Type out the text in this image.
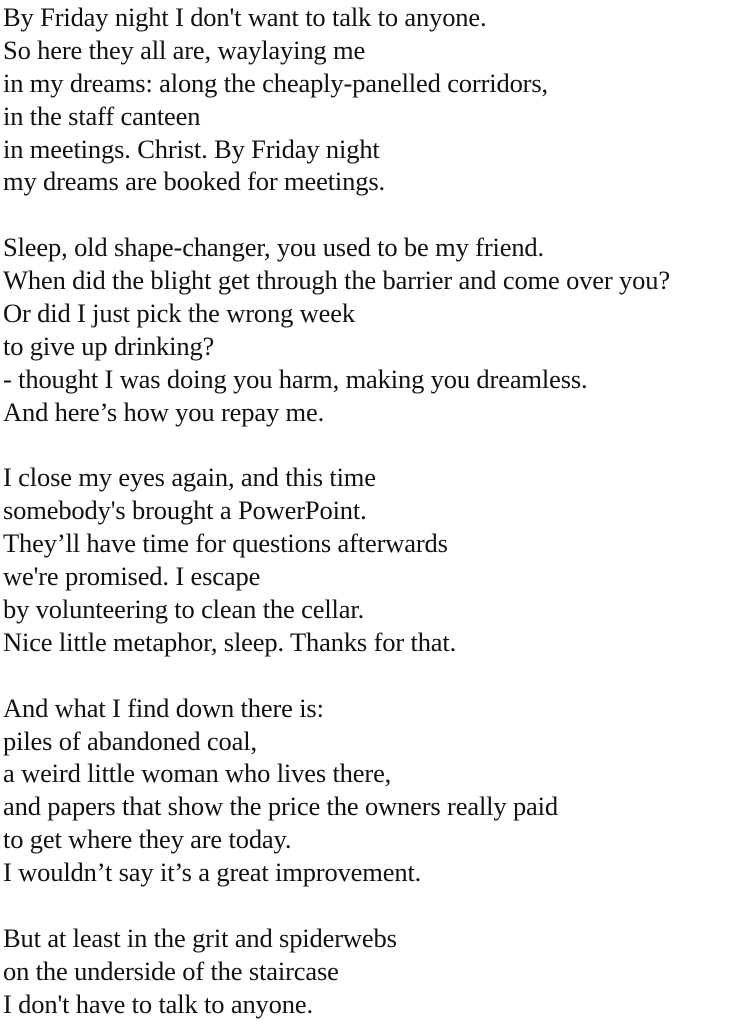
By Friday night I don't want to talk to anyone.
So here they all are, waylaying me
in my dreams: along the cheaply-panelled corridors,
in the staff canteen
in meetings. Christ. By Friday night
my dreams are booked for meetings.
Sleep, old shape-changer, you used to be my friend.
When did the blight get through the barrier and come over you?
Or did I just pick the wrong week
to give up drinking?
- thought I was doing you harm, making you dreamless.
And here’s how you repay me.
I close my eyes again, and this time
somebody's brought a PowerPoint.
They’ll have time for questions afterwards
we're promised. I escape
by volunteering to clean the cellar.
Nice little metaphor, sleep. Thanks for that.
And what I find down there is:
piles of abandoned coal,
a weird little woman who lives there,
and papers that show the price the owners really paid
to get where they are today.
I wouldn’t say it’s a great improvement.
But at least in the grit and spiderwebs
on the underside of the staircase
I don't have to talk to anyone.
